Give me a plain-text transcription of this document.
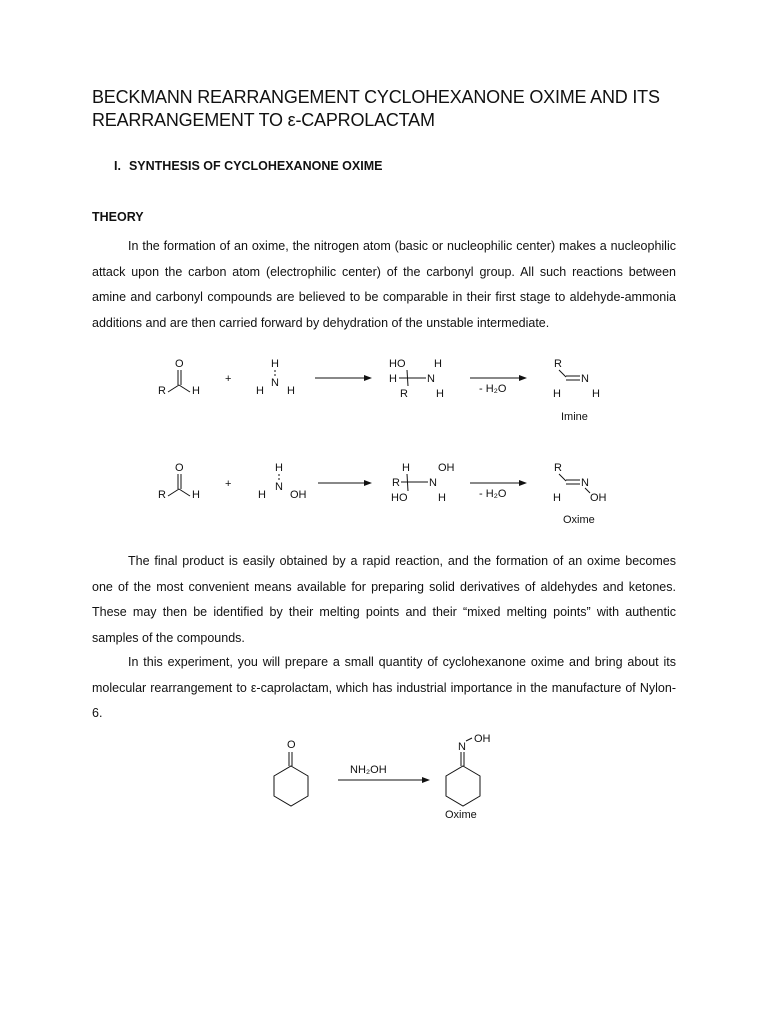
BECKMANN REARRANGEMENT CYCLOHEXANONE OXIME AND ITS REARRANGEMENT TO ε-CAPROLACTAM
I. SYNTHESIS OF CYCLOHEXANONE OXIME
THEORY

In the formation of an oxime, the nitrogen atom (basic or nucleophilic center) makes a nucleophilic attack upon the carbon atom (electrophilic center) of the carbonyl group. All such reactions between amine and carbonyl compounds are believed to be comparable in their first stage to aldehyde-ammonia additions and are then carried forward by dehydration of the unstable intermediate.

O
R H
+
H
N
H H
HO	H
H	N
R	H	- H₂O
R
N
H	H
Imine
O
R H
+
H
N
H OH
H	OH
R	N
HO	H	- H₂O
R
N
H	OH
Oxime

The final product is easily obtained by a rapid reaction, and the formation of an oxime becomes one of the most convenient means available for preparing solid derivatives of aldehydes and ketones. These may then be identified by their melting points and their “mixed melting points” with authentic samples of the compounds.

In this experiment, you will prepare a small quantity of cyclohexanone oxime and bring about its molecular rearrangement to ε-caprolactam, which has industrial importance in the manufacture of Nylon-6.

O
NH₂OH
N
OH
Oxime
